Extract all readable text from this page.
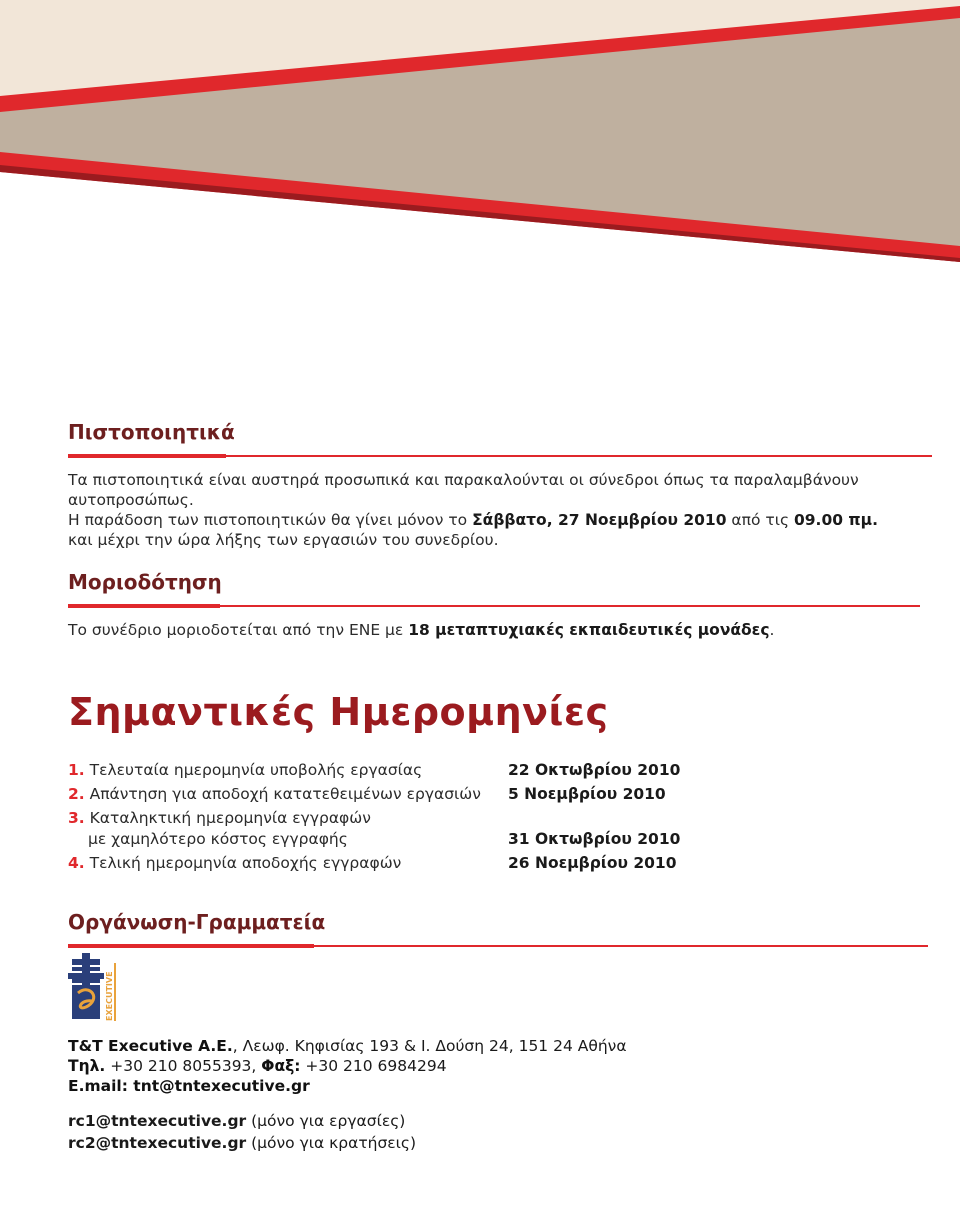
Πιστοποιητικά

Τα πιστοποιητικά είναι αυστηρά προσωπικά και παρακαλούνται οι σύνεδροι όπως τα παραλαμβάνουν

αυτοπροσώπως.

Η παράδοση των πιστοποιητικών θα γίνει μόνον το Σάββατο, 27 Νοεμβρίου 2010 από τις 09.00 πμ.

και μέχρι την ώρα λήξης των εργασιών του συνεδρίου.

Μοριοδότηση

Το συνέδριο μοριοδοτείται από την ΕΝΕ με 18 μεταπτυχιακές εκπαιδευτικές μονάδες.

Σημαντικές Ημερομηνίες
1. Τελευταία ημερομηνία υποβολής εργασίας	22 Οκτωβρίου 2010
2. Απάντηση για αποδοχή κατατεθειμένων εργασιών 5 Νοεμβρίου 2010
3. Καταληκτική ημερομηνία εγγραφών
με χαμηλότερο κόστος εγγραφής	31 Οκτωβρίου 2010
4. Τελική ημερομηνία αποδοχής εγγραφών	26 Νοεμβρίου 2010
Οργάνωση-Γραμματεία
EXECUTIVE

T&T Executive A.E., Λεωφ. Κηφισίας 193 & Ι. Δούση 24, 151 24 Αθήνα

Τηλ. +30 210 8055393, Φαξ: +30 210 6984294

E.mail: tnt@tntexecutive.gr

rc1@tntexecutive.gr (μόνο για εργασίες)

rc2@tntexecutive.gr (μόνο για κρατήσεις)
